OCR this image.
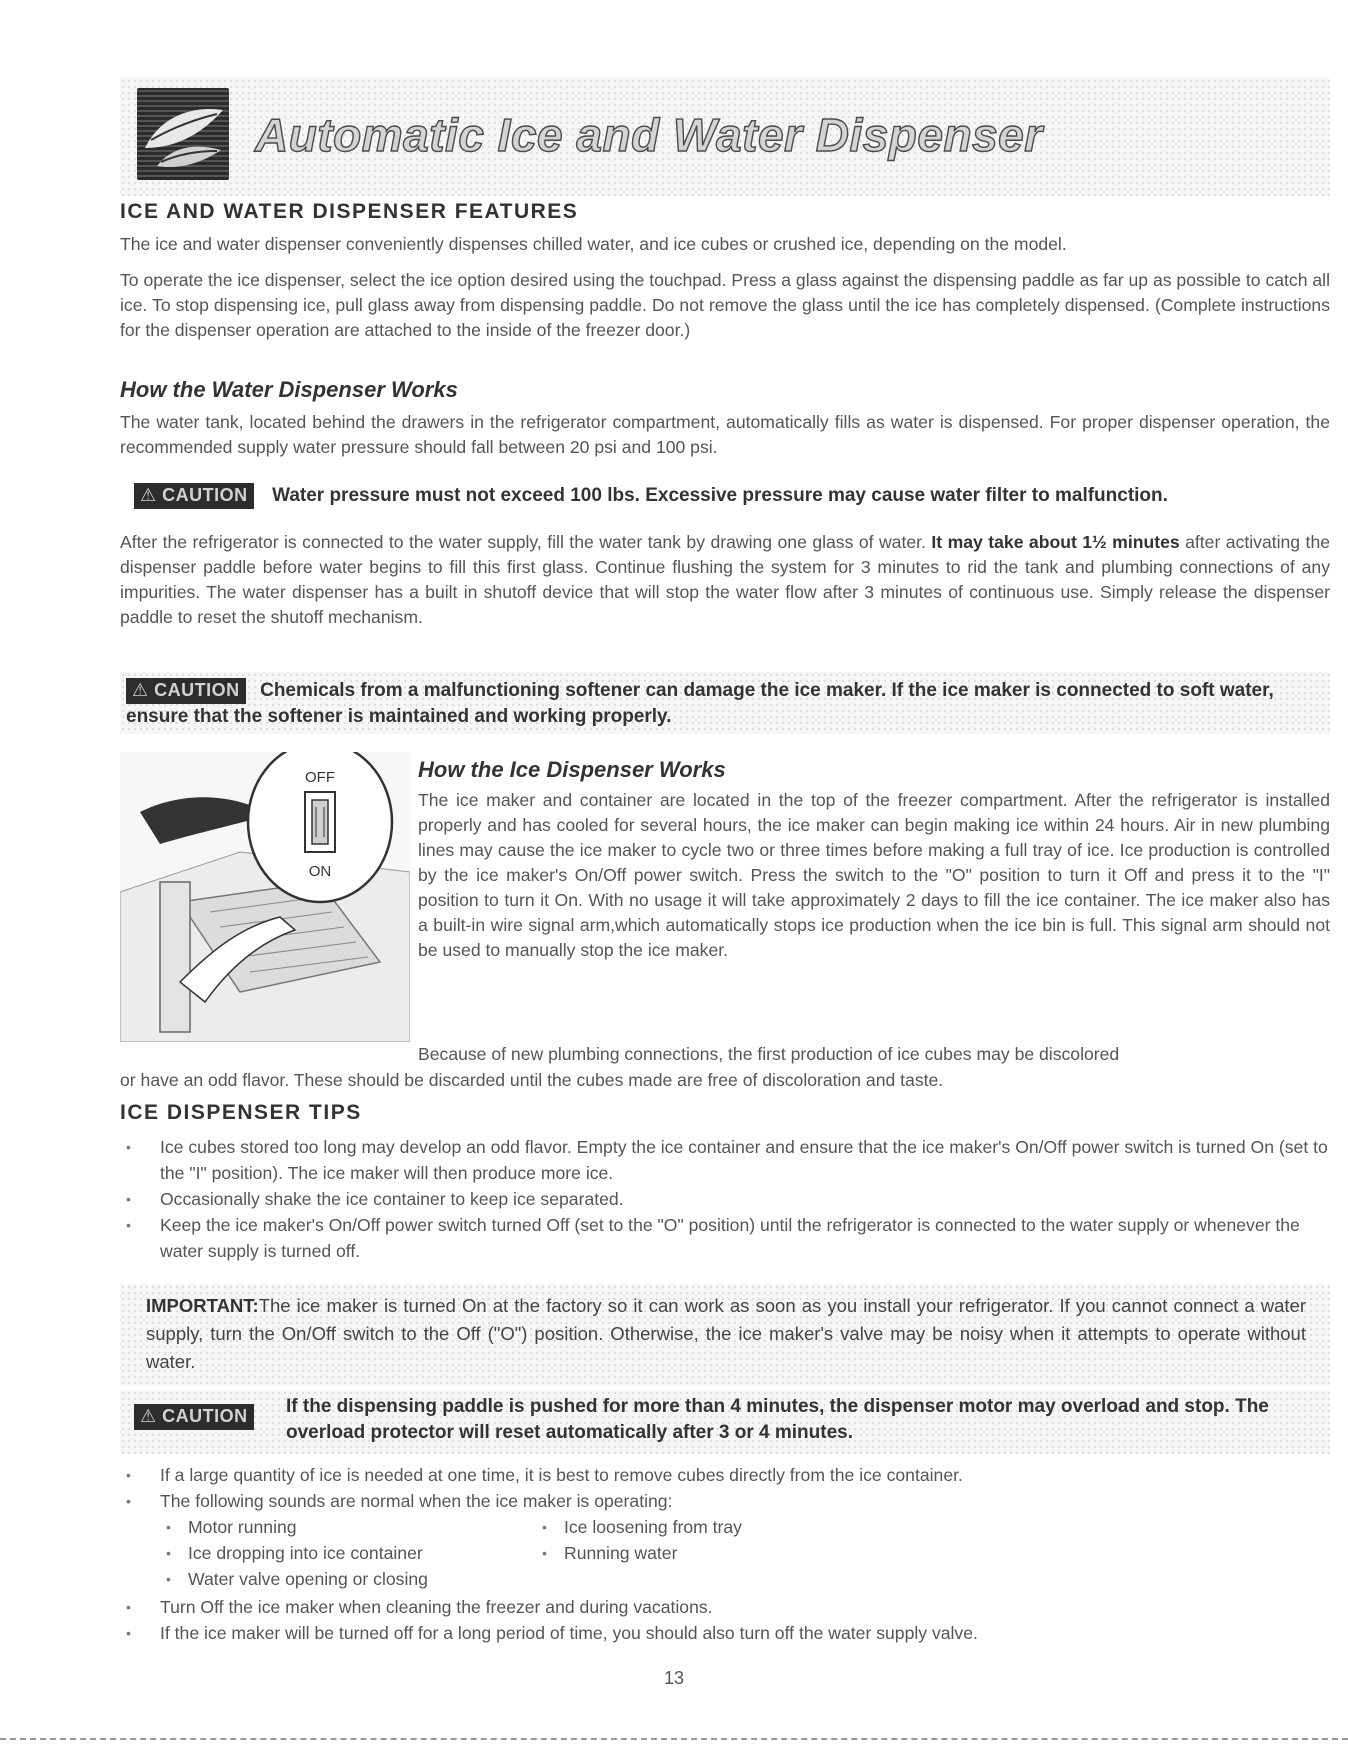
Automatic Ice and Water Dispenser
ICE AND WATER DISPENSER FEATURES

The ice and water dispenser conveniently dispenses chilled water, and ice cubes or crushed ice, depending on the model.

To operate the ice dispenser, select the ice option desired using the touchpad. Press a glass against the dispensing paddle as far up as possible to catch all ice. To stop dispensing ice, pull glass away from dispensing paddle. Do not remove the glass until the ice has completely dispensed. (Complete instructions for the dispenser operation are attached to the inside of the freezer door.)

How the Water Dispenser Works

The water tank, located behind the drawers in the refrigerator compartment, automatically fills as water is dispensed. For proper dispenser operation, the recommended supply water pressure should fall between 20 psi and 100 psi.

⚠ CAUTION Water pressure must not exceed 100 lbs. Excessive pressure may cause water filter to malfunction.

After the refrigerator is connected to the water supply, fill the water tank by drawing one glass of water. It may take about 1½ minutes after activating the dispenser paddle before water begins to fill this first glass. Continue flushing the system for 3 minutes to rid the tank and plumbing connections of any impurities. The water dispenser has a built in shutoff device that will stop the water flow after 3 minutes of continuous use. Simply release the dispenser paddle to reset the shutoff mechanism.

⚠ CAUTION Chemicals from a malfunctioning softener can damage the ice maker. If the ice maker is connected to soft water, ensure that the softener is maintained and working properly.
OFF
ON
How the Ice Dispenser Works

The ice maker and container are located in the top of the freezer compartment. After the refrigerator is installed properly and has cooled for several hours, the ice maker can begin making ice within 24 hours. Air in new plumbing lines may cause the ice maker to cycle two or three times before making a full tray of ice. Ice production is controlled by the ice maker's On/Off power switch. Press the switch to the "O" position to turn it Off and press it to the "I" position to turn it On. With no usage it will take approximately 2 days to fill the ice container. The ice maker also has a built-in wire signal arm,which automatically stops ice production when the ice bin is full. This signal arm should not be used to manually stop the ice maker.

Because of new plumbing connections, the first production of ice cubes may be discolored

or have an odd flavor. These should be discarded until the cubes made are free of discoloration and taste.

ICE DISPENSER TIPS
• Ice cubes stored too long may develop an odd flavor. Empty the ice container and ensure that the ice maker's On/Off power switch is turned On (set to the "I" position). The ice maker will then produce more ice.
• Occasionally shake the ice container to keep ice separated.
• Keep the ice maker's On/Off power switch turned Off (set to the "O" position) until the refrigerator is connected to the water supply or whenever the water supply is turned off.

IMPORTANT:The ice maker is turned On at the factory so it can work as soon as you install your refrigerator. If you cannot connect a water supply, turn the On/Off switch to the Off ("O") position. Otherwise, the ice maker's valve may be noisy when it attempts to operate without water.

⚠ CAUTION	If the dispensing paddle is pushed for more than 4 minutes, the dispenser motor may overload and stop. The overload protector will reset automatically after 3 or 4 minutes.

• If a large quantity of ice is needed at one time, it is best to remove cubes directly from the ice container.
• The following sounds are normal when the ice maker is operating:
• Motor running	• Ice loosening from tray
• Ice dropping into ice container	• Running water
• Water valve opening or closing
• Turn Off the ice maker when cleaning the freezer and during vacations.
• If the ice maker will be turned off for a long period of time, you should also turn off the water supply valve.
13
